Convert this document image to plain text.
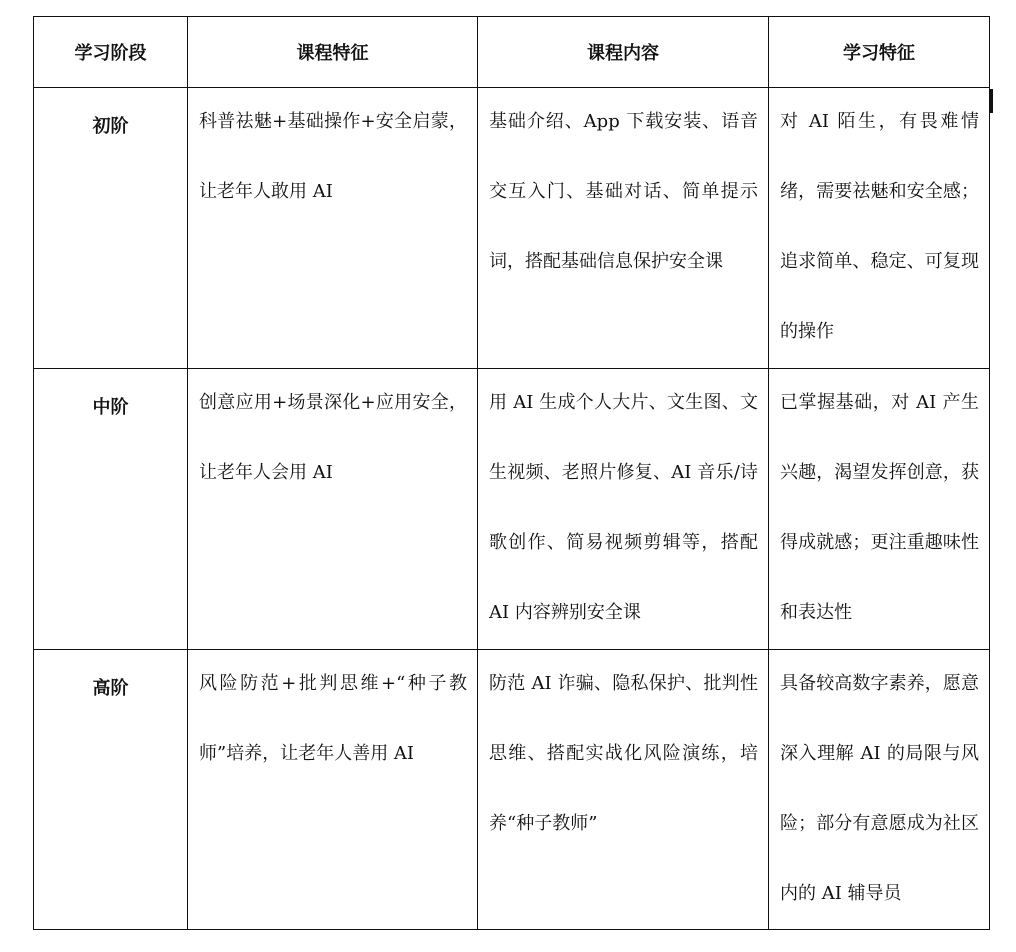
学习阶段	课程特征	课程内容	学习特征
初阶	科普祛魅+基础操作+安全启蒙，让老年人敢用 AI	基础介绍、App 下载安装、语音交互入门、基础对话、简单提示词，搭配基础信息保护安全课	对 AI 陌生，有畏难情绪，需要祛魅和安全感；追求简单、稳定、可复现的操作

中阶	创意应用+场景深化+应用安全，让老年人会用 AI	用 AI 生成个人大片、文生图、文生视频、老照片修复、AI 音乐/诗歌创作、简易视频剪辑等，搭配 AI 内容辨别安全课	已掌握基础，对 AI 产生兴趣，渴望发挥创意，获得成就感；更注重趣味性和表达性

高阶	风险防范+批判思维+“种子教师”培养，让老年人善用 AI	防范 AI 诈骗、隐私保护、批判性思维、搭配实战化风险演练，培养“种子教师”	具备较高数字素养，愿意深入理解 AI 的局限与风险；部分有意愿成为社区内的 AI 辅导员
